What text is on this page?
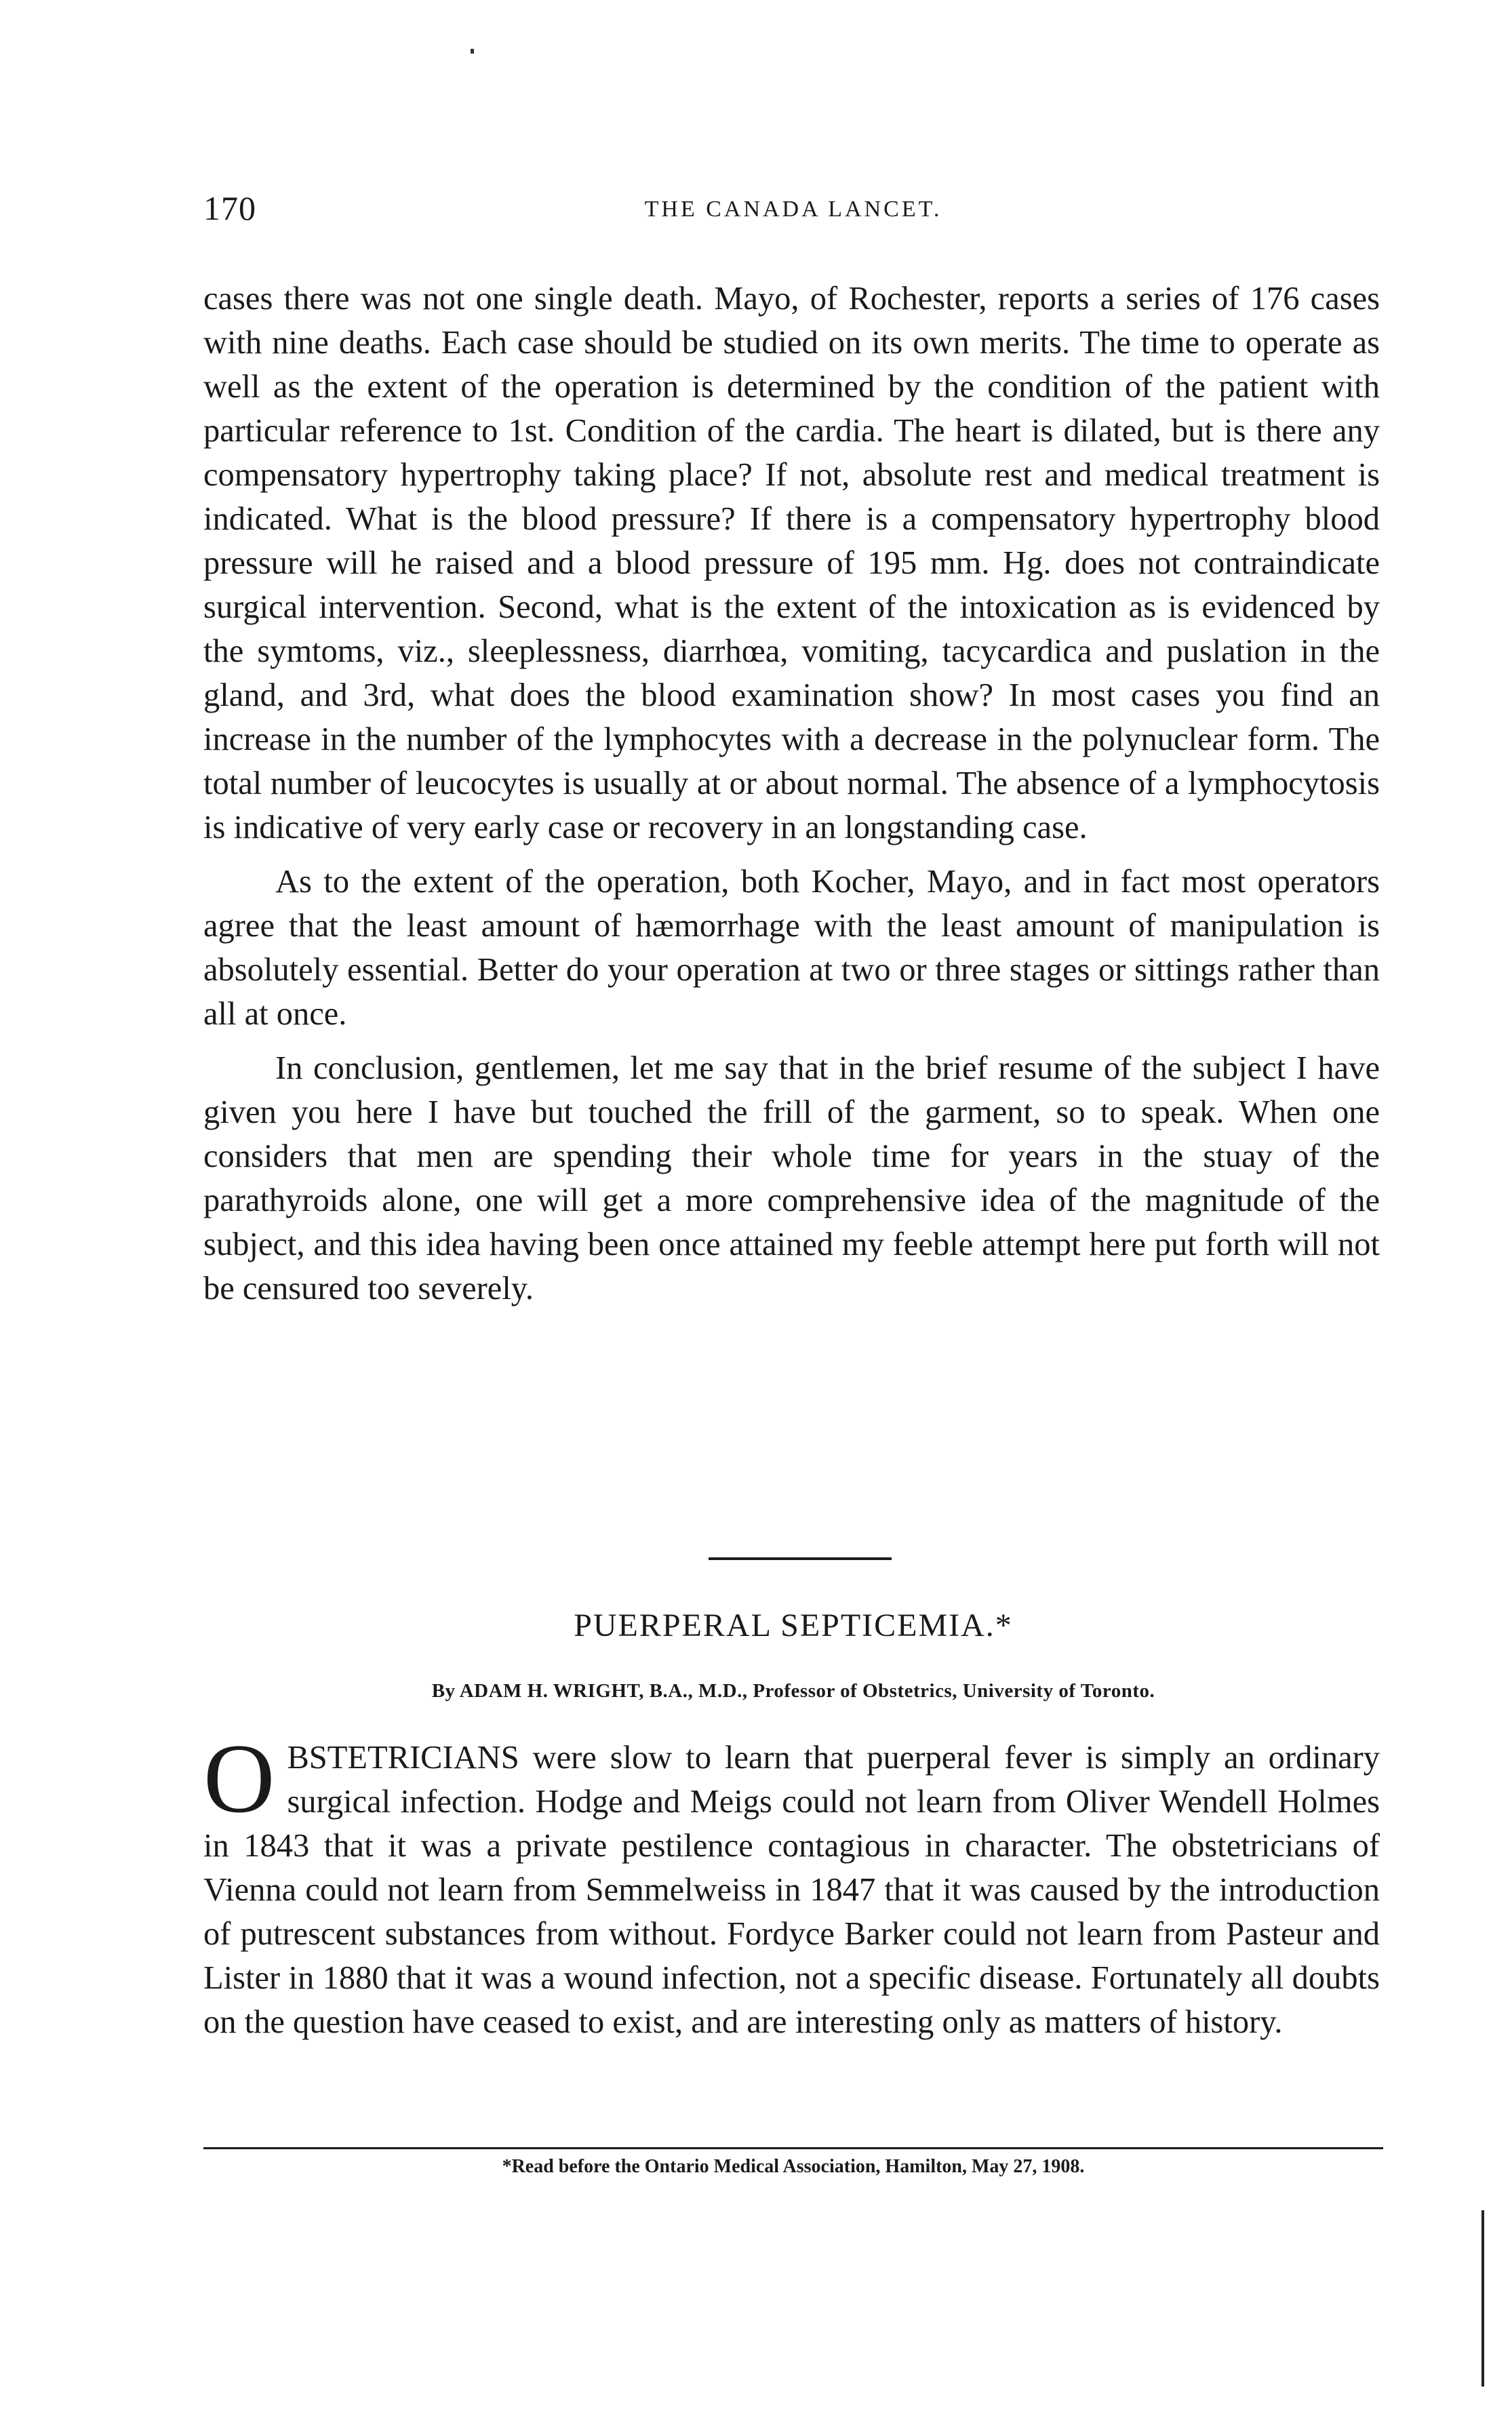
170	THE CANADA LANCET.

cases there was not one single death. Mayo, of Rochester, reports a series of 176 cases with nine deaths. Each case should be studied on its own merits. The time to operate as well as the extent of the operation is determined by the condition of the patient with particular reference to 1st. Condition of the cardia. The heart is dilated, but is there any compensatory hypertrophy taking place? If not, absolute rest and medical treatment is indicated. What is the blood pressure? If there is a compensatory hypertrophy blood pressure will he raised and a blood pressure of 195 mm. Hg. does not contraindicate surgical intervention. Second, what is the extent of the intoxication as is evidenced by the symtoms, viz., sleeplessness, diarrhœa, vomiting, tacycardica and puslation in the gland, and 3rd, what does the blood examination show? In most cases you find an increase in the number of the lymphocytes with a decrease in the polynuclear form. The total number of leucocytes is usually at or about normal. The absence of a lymphocytosis is indicative of very early case or recovery in an longstanding case.

As to the extent of the operation, both Kocher, Mayo, and in fact most operators agree that the least amount of hæmorrhage with the least amount of manipulation is absolutely essential. Better do your operation at two or three stages or sittings rather than all at once.

In conclusion, gentlemen, let me say that in the brief resume of the subject I have given you here I have but touched the frill of the garment, so to speak. When one considers that men are spending their whole time for years in the stuay of the parathyroids alone, one will get a more comprehensive idea of the magnitude of the subject, and this idea having been once attained my feeble attempt here put forth will not be censured too severely.

PUERPERAL SEPTICEMIA.*
By ADAM H. WRIGHT, B.A., M.D., Professor of Obstetrics, University of Toronto.
O BSTETRICIANS were slow to learn that puerperal fever is simply an ordinary surgical infection. Hodge and Meigs could not learn from Oliver Wendell Holmes in 1843 that it was a private pestilence contagious in character. The obstetricians of Vienna could not learn from Semmelweiss in 1847 that it was caused by the introduction of putrescent substances from without. Fordyce Barker could not learn from Pasteur and Lister in 1880 that it was a wound infection, not a specific disease. Fortunately all doubts on the question have ceased to exist, and are interesting only as matters of history.

*Read before the Ontario Medical Association, Hamilton, May 27, 1908.
